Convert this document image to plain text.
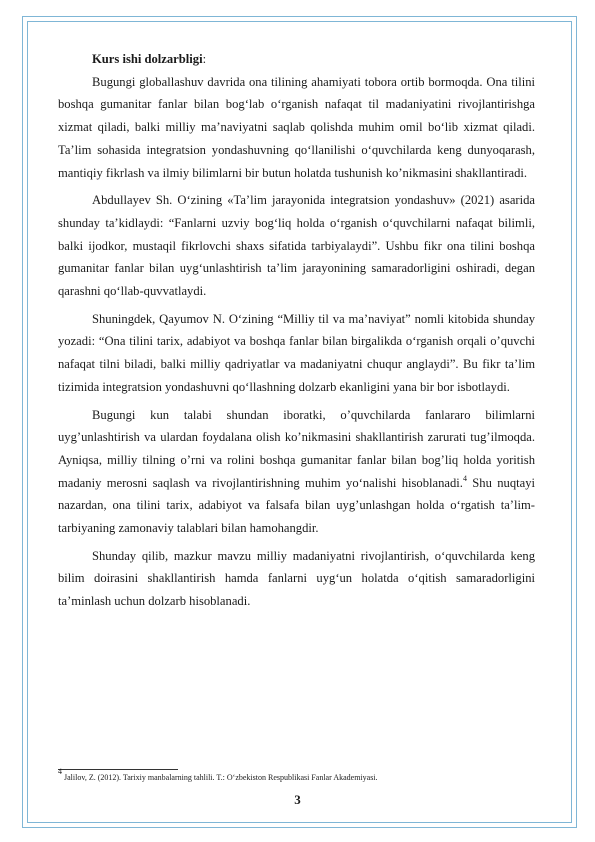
Kurs ishi dolzarbligi:

Bugungi globallashuv davrida ona tilining ahamiyati tobora ortib bormoqda. Ona tilini boshqa gumanitar fanlar bilan bog‘lab o‘rganish nafaqat til madaniyatini rivojlantirishga xizmat qiladi, balki milliy maʼnaviyatni saqlab qolishda muhim omil bo‘lib xizmat qiladi. Taʼlim sohasida integratsion yondashuvning qo‘llanilishi o‘quvchilarda keng dunyoqarash, mantiqiy fikrlash va ilmiy bilimlarni bir butun holatda tushunish ko’nikmasini shakllantiradi.

Abdullayev Sh. O‘zining «Taʼlim jarayonida integratsion yondashuv» (2021) asarida shunday taʼkidlaydi: “Fanlarni uzviy bog‘liq holda o‘rganish o‘quvchilarni nafaqat bilimli, balki ijodkor, mustaqil fikrlovchi shaxs sifatida tarbiyalaydi”. Ushbu fikr ona tilini boshqa gumanitar fanlar bilan uyg‘unlashtirish taʼlim jarayonining samaradorligini oshiradi, degan qarashni qo‘llab-quvvatlaydi.

Shuningdek, Qayumov N. O‘zining “Milliy til va maʼnaviyat” nomli kitobida shunday yozadi: “Ona tilini tarix, adabiyot va boshqa fanlar bilan birgalikda o‘rganish orqali o’quvchi nafaqat tilni biladi, balki milliy qadriyatlar va madaniyatni chuqur anglaydi”. Bu fikr taʼlim tizimida integratsion yondashuvni qo‘llashning dolzarb ekanligini yana bir bor isbotlaydi.

Bugungi kun talabi shundan iboratki, o’quvchilarda fanlararo bilimlarni uyg’unlashtirish va ulardan foydalana olish ko’nikmasini shakllantirish zarurati tug’ilmoqda. Ayniqsa, milliy tilning o’rni va rolini boshqa gumanitar fanlar bilan bog’liq holda yoritish madaniy merosni saqlash va rivojlantirishning muhim yo‘nalishi hisoblanadi.$^4$ Shu nuqtayi nazardan, ona tilini tarix, adabiyot va falsafa bilan uyg’unlashgan holda o‘rgatish taʼlim-tarbiyaning zamonaviy talablari bilan hamohangdir.

Shunday qilib, mazkur mavzu milliy madaniyatni rivojlantirish, o‘quvchilarda keng bilim doirasini shakllantirish hamda fanlarni uyg‘un holatda o‘qitish samaradorligini taʼminlash uchun dolzarb hisoblanadi.

$^4$ Jalilov, Z. (2012). Tarixiy manbalarning tahlili. T.: O‘zbekiston Respublikasi Fanlar Akademiyasi.
3
